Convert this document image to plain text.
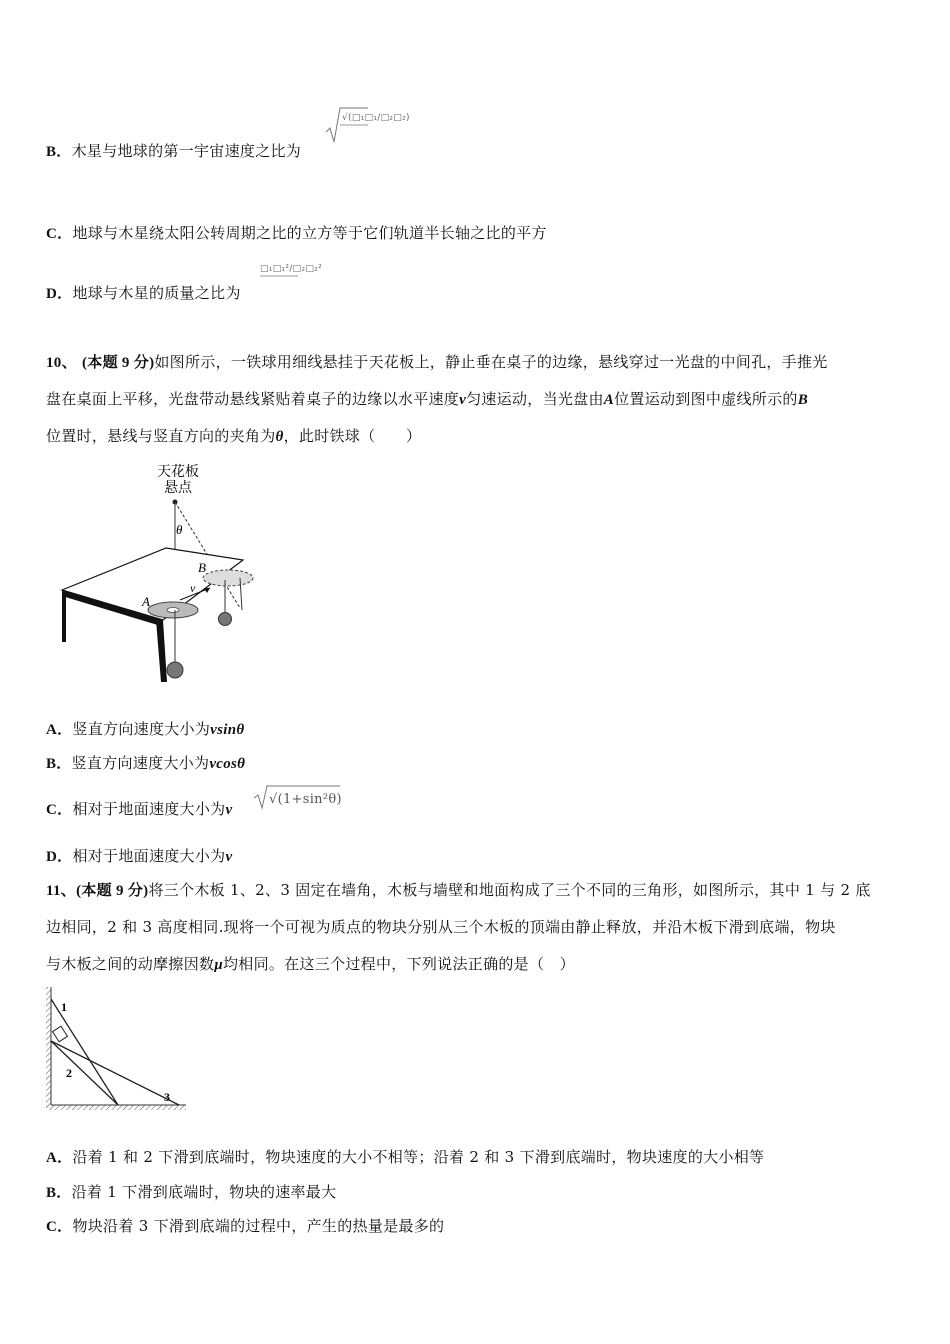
B．木星与地球的第一宇宙速度之比为
√(□₁□₁/□₂□₂)
C．地球与木星绕太阳公转周期之比的立方等于它们轨道半长轴之比的平方
D．地球与木星的质量之比为
□₁□₁²/□₂□₂²
10、 (本题 9 分)如图所示，一铁球用细线悬挂于天花板上，静止垂在桌子的边缘，悬线穿过一光盘的中间孔，手推光
盘在桌面上平移，光盘带动悬线紧贴着桌子的边缘以水平速度v匀速运动，当光盘由A位置运动到图中虚线所示的B
位置时，悬线与竖直方向的夹角为θ，此时铁球（　　）
天花板
悬点
θ
A
B
v
A．竖直方向速度大小为vsinθ
B．竖直方向速度大小为vcosθ
C．相对于地面速度大小为v
√(1+sin²θ)
D．相对于地面速度大小为v
11、(本题 9 分)将三个木板 1、2、3 固定在墙角，木板与墙壁和地面构成了三个不同的三角形，如图所示，其中 1 与 2 底
边相同，2 和 3 高度相同.现将一个可视为质点的物块分别从三个木板的顶端由静止释放，并沿木板下滑到底端，物块
与木板之间的动摩擦因数μ均相同。在这三个过程中，下列说法正确的是（　）
1
2
3
A．沿着 1 和 2 下滑到底端时，物块速度的大小不相等；沿着 2 和 3 下滑到底端时，物块速度的大小相等
B．沿着 1 下滑到底端时，物块的速率最大
C．物块沿着 3 下滑到底端的过程中，产生的热量是最多的
